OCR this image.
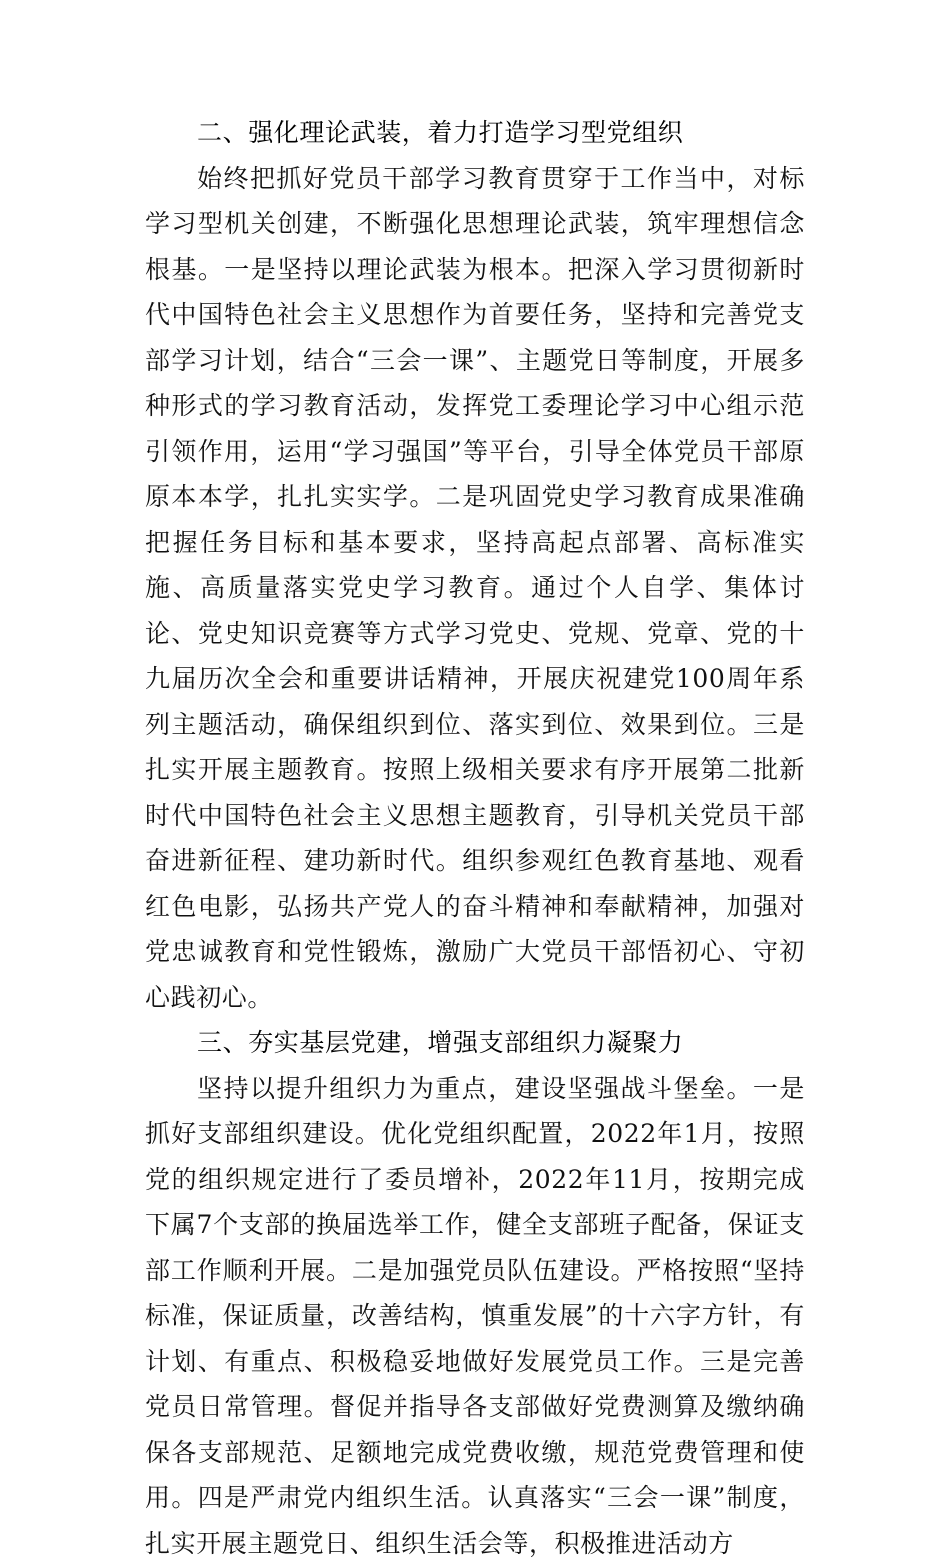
二、强化理论武装，着力打造学习型党组织

始终把抓好党员干部学习教育贯穿于工作当中，对标学习型机关创建，不断强化思想理论武装，筑牢理想信念根基。一是坚持以理论武装为根本。把深入学习贯彻新时代中国特色社会主义思想作为首要任务，坚持和完善党支部学习计划，结合“三会一课”、主题党日等制度，开展多种形式的学习教育活动，发挥党工委理论学习中心组示范引领作用，运用“学习强国”等平台，引导全体党员干部原原本本学，扎扎实实学。二是巩固党史学习教育成果准确把握任务目标和基本要求，坚持高起点部署、高标准实施、高质量落实党史学习教育。通过个人自学、集体讨论、党史知识竞赛等方式学习党史、党规、党章、党的十九届历次全会和重要讲话精神，开展庆祝建党100周年系列主题活动，确保组织到位、落实到位、效果到位。三是扎实开展主题教育。按照上级相关要求有序开展第二批新时代中国特色社会主义思想主题教育，引导机关党员干部奋进新征程、建功新时代。组织参观红色教育基地、观看红色电影，弘扬共产党人的奋斗精神和奉献精神，加强对党忠诚教育和党性锻炼，激励广大党员干部悟初心、守初心践初心。

三、夯实基层党建，增强支部组织力凝聚力

坚持以提升组织力为重点，建设坚强战斗堡垒。一是抓好支部组织建设。优化党组织配置，2022年1月，按照党的组织规定进行了委员增补，2022年11月，按期完成下属7个支部的换届选举工作，健全支部班子配备，保证支部工作顺利开展。二是加强党员队伍建设。严格按照“坚持标准，保证质量，改善结构，慎重发展”的十六字方针，有计划、有重点、积极稳妥地做好发展党员工作。三是完善党员日常管理。督促并指导各支部做好党费测算及缴纳确保各支部规范、足额地完成党费收缴，规范党费管理和使用。四是严肃党内组织生活。认真落实“三会一课”制度，扎实开展主题党日、组织生活会等，积极推进活动方
